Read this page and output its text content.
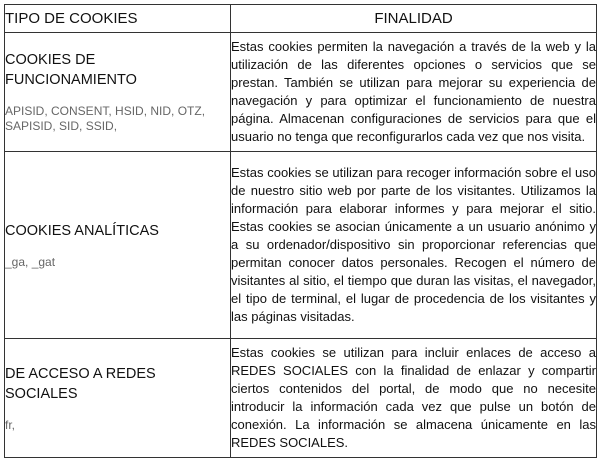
TIPO DE COOKIES	FINALIDAD

COOKIES DE FUNCIONAMIENTO
APISID, CONSENT, HSID, NID, OTZ, SAPISID, SID, SSID,	Estas cookies permiten la navegación a través de la web y la utilización de las diferentes opciones o servicios que se prestan. También se utilizan para mejorar su experiencia de navegación y para optimizar el funcionamiento de nuestra página. Almacenan configuraciones de servicios para que el usuario no tenga que reconfigurarlos cada vez que nos visita.

COOKIES ANALÍTICAS
_ga, _gat	Estas cookies se utilizan para recoger información sobre el uso de nuestro sitio web por parte de los visitantes. Utilizamos la información para elaborar informes y para mejorar el sitio. Estas cookies se asocian únicamente a un usuario anónimo y a su ordenador/dispositivo sin proporcionar referencias que permitan conocer datos personales. Recogen el número de visitantes al sitio, el tiempo que duran las visitas, el navegador, el tipo de terminal, el lugar de procedencia de los visitantes y las páginas visitadas.

DE ACCESO A REDES SOCIALES
fr,	Estas cookies se utilizan para incluir enlaces de acceso a REDES SOCIALES con la finalidad de enlazar y compartir ciertos contenidos del portal, de modo que no necesite introducir la información cada vez que pulse un botón de conexión. La información se almacena únicamente en las REDES SOCIALES.
